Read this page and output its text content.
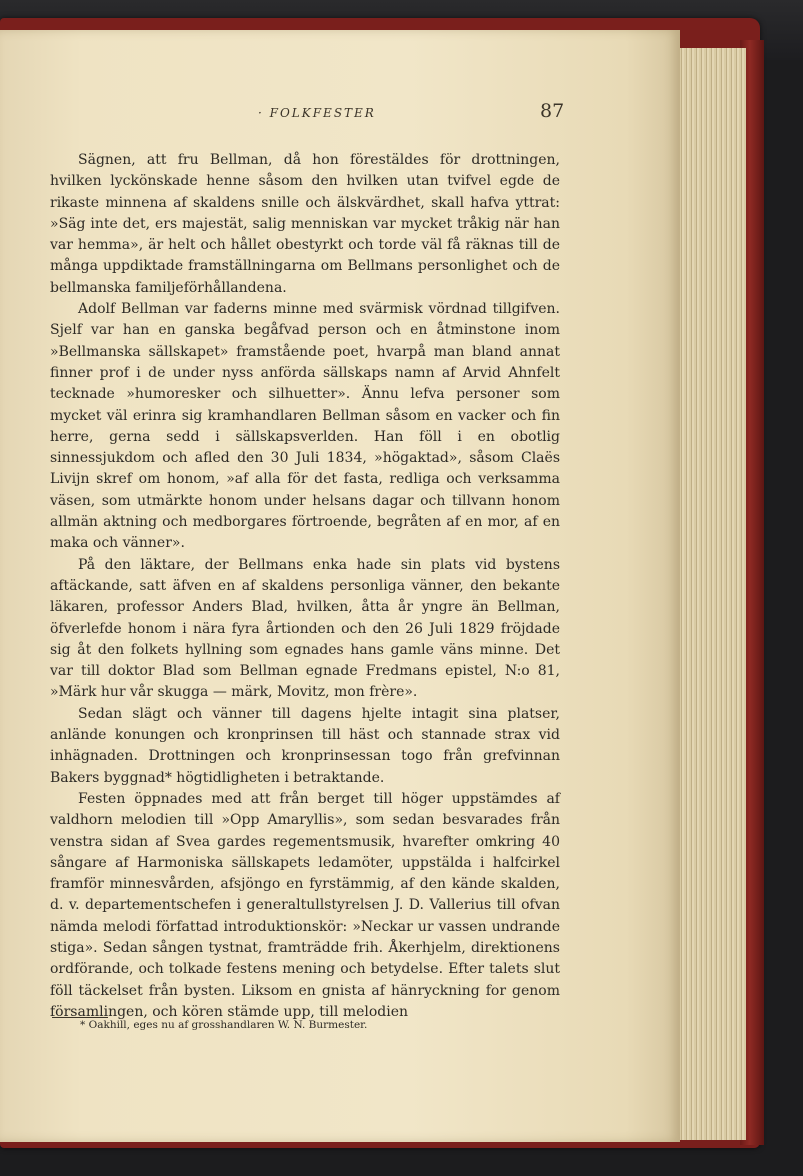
· FOLKFESTER	87

Sägnen, att fru Bellman, då hon förestäldes för drottningen, hvilken lyckönskade henne såsom den hvilken utan tvifvel egde de rikaste minnena af skaldens snille och älskvärdhet, skall hafva yttrat: »Säg inte det, ers majestät, salig menniskan var mycket tråkig när han var hemma», är helt och hållet obestyrkt och torde väl få räknas till de många uppdiktade framställningarna om Bellmans personlighet och de bellmanska familjeförhållandena.

Adolf Bellman var faderns minne med svärmisk vördnad tillgifven. Sjelf var han en ganska begåfvad person och en åtminstone inom »Bellmanska sällskapet» framstående poet, hvarpå man bland annat finner prof i de under nyss anförda sällskaps namn af Arvid Ahnfelt tecknade »humoresker och silhuetter». Ännu lefva personer som mycket väl erinra sig kramhandlaren Bellman såsom en vacker och fin herre, gerna sedd i sällskapsverlden. Han föll i en obotlig sinnessjukdom och afled den 30 Juli 1834, »högaktad», såsom Claës Livijn skref om honom, »af alla för det fasta, redliga och verksamma väsen, som utmärkte honom under helsans dagar och tillvann honom allmän aktning och medborgares förtroende, begråten af en mor, af en maka och vänner».

På den läktare, der Bellmans enka hade sin plats vid bystens aftäckande, satt äfven en af skaldens personliga vänner, den bekante läkaren, professor Anders Blad, hvilken, åtta år yngre än Bellman, öfverlefde honom i nära fyra årtionden och den 26 Juli 1829 fröjdade sig åt den folkets hyllning som egnades hans gamle väns minne. Det var till doktor Blad som Bellman egnade Fredmans epistel, N:o 81, »Märk hur vår skugga — märk, Movitz, mon frère».

Sedan slägt och vänner till dagens hjelte intagit sina platser, anlände konungen och kronprinsen till häst och stannade strax vid inhägnaden. Drottningen och kronprinsessan togo från grefvinnan Bakers byggnad* högtidligheten i betraktande.

Festen öppnades med att från berget till höger uppstämdes af valdhorn melodien till »Opp Amaryllis», som sedan besvarades från venstra sidan af Svea gardes regementsmusik, hvarefter omkring 40 sångare af Harmoniska sällskapets ledamöter, uppstälda i halfcirkel framför minnesvården, afsjöngo en fyrstämmig, af den kände skalden, d. v. departementschefen i generaltullstyrelsen J. D. Vallerius till ofvan nämda melodi författad introduktionskör: »Neckar ur vassen undrande stiga». Sedan sången tystnat, framträdde frih. Åkerhjelm, direktionens ordförande, och tolkade festens mening och betydelse. Efter talets slut föll täckelset från bysten. Liksom en gnista af hänryckning for genom församlingen, och kören stämde upp, till melodien

* Oakhill, eges nu af grosshandlaren W. N. Burmester.
